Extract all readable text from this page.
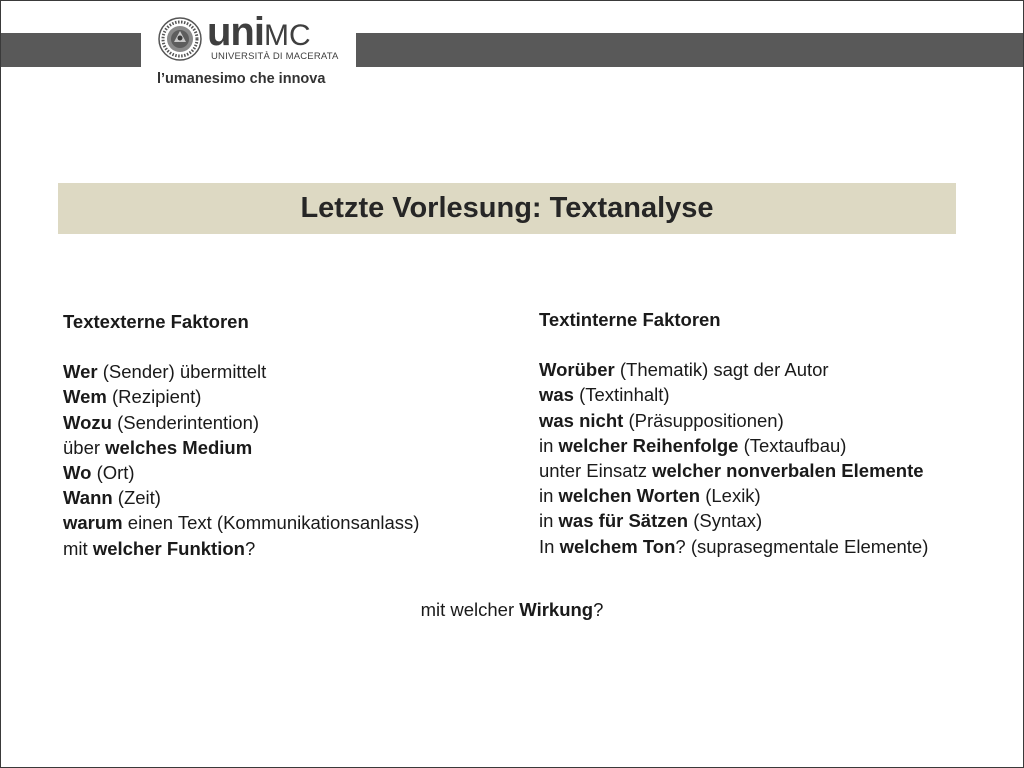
uniMC
UNIVERSITÀ DI MACERATA
l’umanesimo che innova
Letzte Vorlesung: Textanalyse
Textexterne Faktoren
Wer (Sender) übermittelt
Wem (Rezipient)
Wozu (Senderintention)
über welches Medium
Wo (Ort)
Wann (Zeit)
warum einen Text (Kommunikationsanlass)
mit welcher Funktion?
Textinterne Faktoren
Worüber (Thematik) sagt der Autor
was (Textinhalt)
was nicht (Präsuppositionen)
in welcher Reihenfolge (Textaufbau)
unter Einsatz welcher nonverbalen Elemente
in welchen Worten (Lexik)
in was für Sätzen (Syntax)
In welchem Ton? (suprasegmentale Elemente)
mit welcher Wirkung?
